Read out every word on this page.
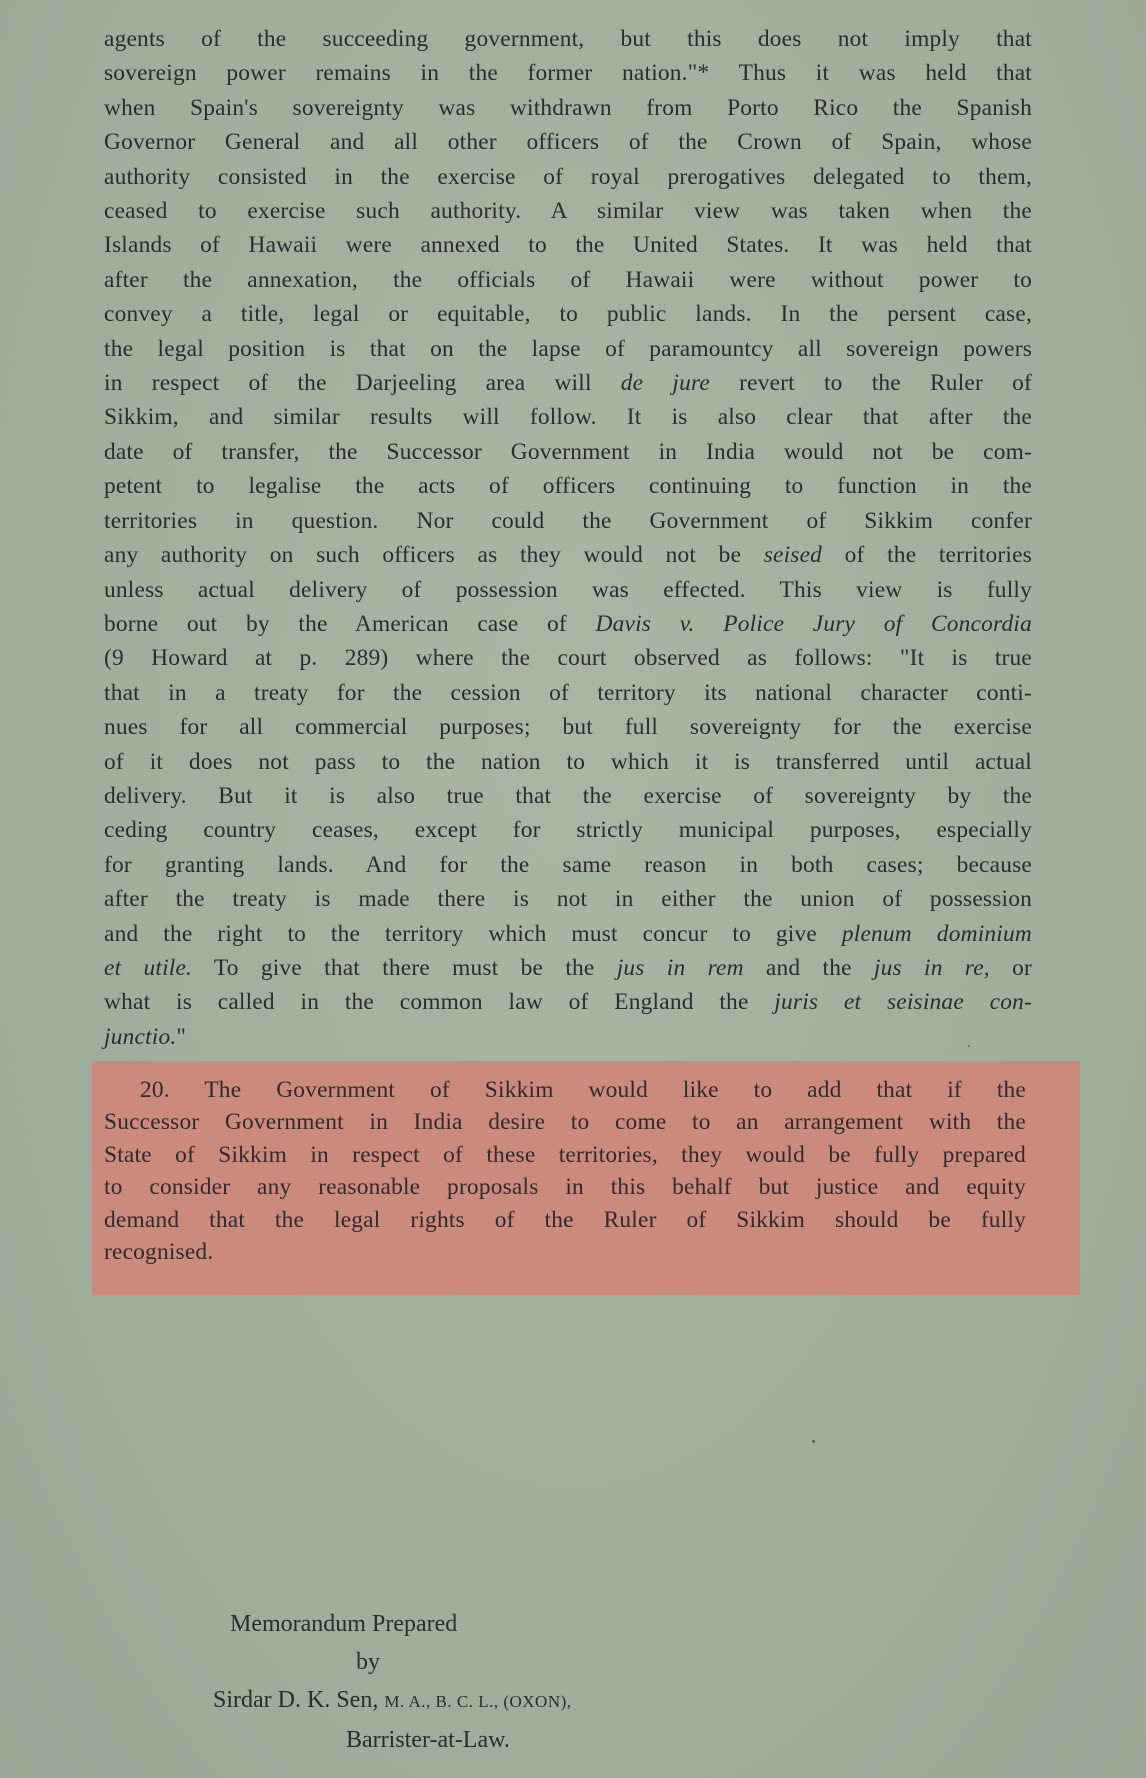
agents of the succeeding government, but this does not imply that
sovereign power remains in the former nation."* Thus it was held that
when Spain's sovereignty was withdrawn from Porto Rico the Spanish
Governor General and all other officers of the Crown of Spain, whose
authority consisted in the exercise of royal prerogatives delegated to them,
ceased to exercise such authority. A similar view was taken when the
Islands of Hawaii were annexed to the United States. It was held that
after the annexation, the officials of Hawaii were without power to
convey a title, legal or equitable, to public lands. In the persent case,
the legal position is that on the lapse of paramountcy all sovereign powers
in respect of the Darjeeling area will de jure revert to the Ruler of
Sikkim, and similar results will follow. It is also clear that after the
date of transfer, the Successor Government in India would not be com-
petent to legalise the acts of officers continuing to function in the
territories in question. Nor could the Government of Sikkim confer
any authority on such officers as they would not be seised of the territories
unless actual delivery of possession was effected. This view is fully
borne out by the American case of Davis v. Police Jury of Concordia
(9 Howard at p. 289) where the court observed as follows: "It is true
that in a treaty for the cession of territory its national character conti-
nues for all commercial purposes; but full sovereignty for the exercise
of it does not pass to the nation to which it is transferred until actual
delivery. But it is also true that the exercise of sovereignty by the
ceding country ceases, except for strictly municipal purposes, especially
for granting lands. And for the same reason in both cases; because
after the treaty is made there is not in either the union of possession
and the right to the territory which must concur to give plenum dominium
et utile. To give that there must be the jus in rem and the jus in re, or
what is called in the common law of England the juris et seisinae con-
junctio."
20. The Government of Sikkim would like to add that if the
Successor Government in India desire to come to an arrangement with the
State of Sikkim in respect of these territories, they would be fully prepared
to consider any reasonable proposals in this behalf but justice and equity
demand that the legal rights of the Ruler of Sikkim should be fully
recognised.
Memorandum Prepared
by
Sirdar D. K. Sen, M. A., B. C. L., (OXON),
Barrister-at-Law.
